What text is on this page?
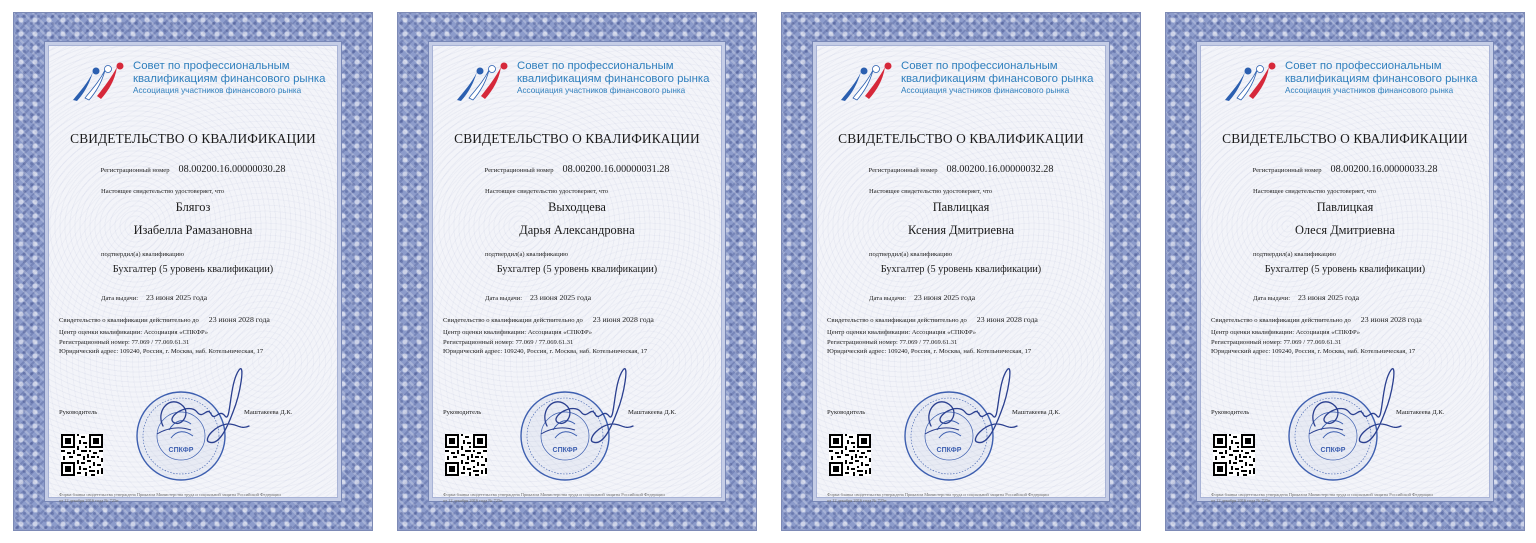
Совет по профессиональным
квалификациям финансового рынка
Ассоциация участников финансового рынка
СВИДЕТЕЛЬСТВО О КВАЛИФИКАЦИИ
Регистрационный номер 08.00200.16.00000030.28
Настоящее свидетельство удостоверяет, что
Блягоз
Изабелла Рамазановна
подтвердил(а) квалификацию
Бухгалтер (5 уровень квалификации)
Дата выдачи: 23 июня 2025 года
Свидетельство о квалификации действительно до 23 июня 2028 года
Центр оценки квалификации: Ассоциация «СПКФР»
Регистрационный номер: 77.069 / 77.069.61.31
Юридический адрес: 109240, Россия, г. Москва, наб. Котельническая, 17
СПКФР
Руководитель	Маштакеева Д.К.
Форма бланка свидетельства утверждена Приказом Министерства труда и социальной защиты Российской Федерации
от 12 декабря 2016 года № 725н
Совет по профессиональным
квалификациям финансового рынка
Ассоциация участников финансового рынка
СВИДЕТЕЛЬСТВО О КВАЛИФИКАЦИИ
Регистрационный номер 08.00200.16.00000031.28
Настоящее свидетельство удостоверяет, что
Выходцева
Дарья Александровна
подтвердил(а) квалификацию
Бухгалтер (5 уровень квалификации)
Дата выдачи: 23 июня 2025 года
Свидетельство о квалификации действительно до 23 июня 2028 года
Центр оценки квалификации: Ассоциация «СПКФР»
Регистрационный номер: 77.069 / 77.069.61.31
Юридический адрес: 109240, Россия, г. Москва, наб. Котельническая, 17
СПКФР
Руководитель	Маштакеева Д.К.
Форма бланка свидетельства утверждена Приказом Министерства труда и социальной защиты Российской Федерации
от 12 декабря 2016 года № 725н
Совет по профессиональным
квалификациям финансового рынка
Ассоциация участников финансового рынка
СВИДЕТЕЛЬСТВО О КВАЛИФИКАЦИИ
Регистрационный номер 08.00200.16.00000032.28
Настоящее свидетельство удостоверяет, что
Павлицкая
Ксения Дмитриевна
подтвердил(а) квалификацию
Бухгалтер (5 уровень квалификации)
Дата выдачи: 23 июня 2025 года
Свидетельство о квалификации действительно до 23 июня 2028 года
Центр оценки квалификации: Ассоциация «СПКФР»
Регистрационный номер: 77.069 / 77.069.61.31
Юридический адрес: 109240, Россия, г. Москва, наб. Котельническая, 17
СПКФР
Руководитель	Маштакеева Д.К.
Форма бланка свидетельства утверждена Приказом Министерства труда и социальной защиты Российской Федерации
от 12 декабря 2016 года № 725н
Совет по профессиональным
квалификациям финансового рынка
Ассоциация участников финансового рынка
СВИДЕТЕЛЬСТВО О КВАЛИФИКАЦИИ
Регистрационный номер 08.00200.16.00000033.28
Настоящее свидетельство удостоверяет, что
Павлицкая
Олеся Дмитриевна
подтвердил(а) квалификацию
Бухгалтер (5 уровень квалификации)
Дата выдачи: 23 июня 2025 года
Свидетельство о квалификации действительно до 23 июня 2028 года
Центр оценки квалификации: Ассоциация «СПКФР»
Регистрационный номер: 77.069 / 77.069.61.31
Юридический адрес: 109240, Россия, г. Москва, наб. Котельническая, 17
СПКФР
Руководитель	Маштакеева Д.К.
Форма бланка свидетельства утверждена Приказом Министерства труда и социальной защиты Российской Федерации
от 12 декабря 2016 года № 725н
